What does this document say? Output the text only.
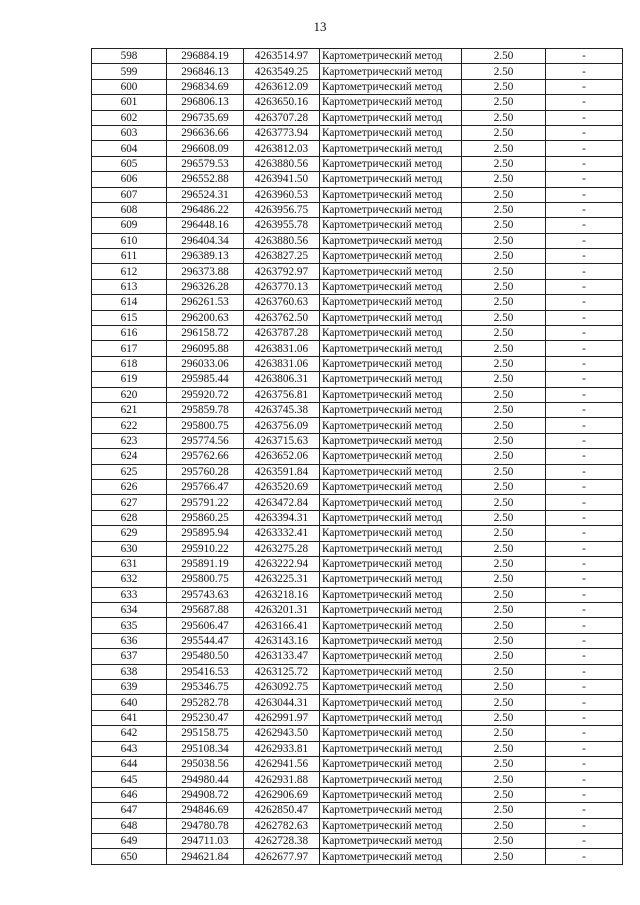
13
598	296884.19	4263514.97	Картометрический метод	2.50	-
599	296846.13	4263549.25	Картометрический метод	2.50	-
600	296834.69	4263612.09	Картометрический метод	2.50	-
601	296806.13	4263650.16	Картометрический метод	2.50	-
602	296735.69	4263707.28	Картометрический метод	2.50	-
603	296636.66	4263773.94	Картометрический метод	2.50	-
604	296608.09	4263812.03	Картометрический метод	2.50	-
605	296579.53	4263880.56	Картометрический метод	2.50	-
606	296552.88	4263941.50	Картометрический метод	2.50	-
607	296524.31	4263960.53	Картометрический метод	2.50	-
608	296486.22	4263956.75	Картометрический метод	2.50	-
609	296448.16	4263955.78	Картометрический метод	2.50	-
610	296404.34	4263880.56	Картометрический метод	2.50	-
611	296389.13	4263827.25	Картометрический метод	2.50	-
612	296373.88	4263792.97	Картометрический метод	2.50	-
613	296326.28	4263770.13	Картометрический метод	2.50	-
614	296261.53	4263760.63	Картометрический метод	2.50	-
615	296200.63	4263762.50	Картометрический метод	2.50	-
616	296158.72	4263787.28	Картометрический метод	2.50	-
617	296095.88	4263831.06	Картометрический метод	2.50	-
618	296033.06	4263831.06	Картометрический метод	2.50	-
619	295985.44	4263806.31	Картометрический метод	2.50	-
620	295920.72	4263756.81	Картометрический метод	2.50	-
621	295859.78	4263745.38	Картометрический метод	2.50	-
622	295800.75	4263756.09	Картометрический метод	2.50	-
623	295774.56	4263715.63	Картометрический метод	2.50	-
624	295762.66	4263652.06	Картометрический метод	2.50	-
625	295760.28	4263591.84	Картометрический метод	2.50	-
626	295766.47	4263520.69	Картометрический метод	2.50	-
627	295791.22	4263472.84	Картометрический метод	2.50	-
628	295860.25	4263394.31	Картометрический метод	2.50	-
629	295895.94	4263332.41	Картометрический метод	2.50	-
630	295910.22	4263275.28	Картометрический метод	2.50	-
631	295891.19	4263222.94	Картометрический метод	2.50	-
632	295800.75	4263225.31	Картометрический метод	2.50	-
633	295743.63	4263218.16	Картометрический метод	2.50	-
634	295687.88	4263201.31	Картометрический метод	2.50	-
635	295606.47	4263166.41	Картометрический метод	2.50	-
636	295544.47	4263143.16	Картометрический метод	2.50	-
637	295480.50	4263133.47	Картометрический метод	2.50	-
638	295416.53	4263125.72	Картометрический метод	2.50	-
639	295346.75	4263092.75	Картометрический метод	2.50	-
640	295282.78	4263044.31	Картометрический метод	2.50	-
641	295230.47	4262991.97	Картометрический метод	2.50	-
642	295158.75	4262943.50	Картометрический метод	2.50	-
643	295108.34	4262933.81	Картометрический метод	2.50	-
644	295038.56	4262941.56	Картометрический метод	2.50	-
645	294980.44	4262931.88	Картометрический метод	2.50	-
646	294908.72	4262906.69	Картометрический метод	2.50	-
647	294846.69	4262850.47	Картометрический метод	2.50	-
648	294780.78	4262782.63	Картометрический метод	2.50	-
649	294711.03	4262728.38	Картометрический метод	2.50	-
650	294621.84	4262677.97	Картометрический метод	2.50	-
